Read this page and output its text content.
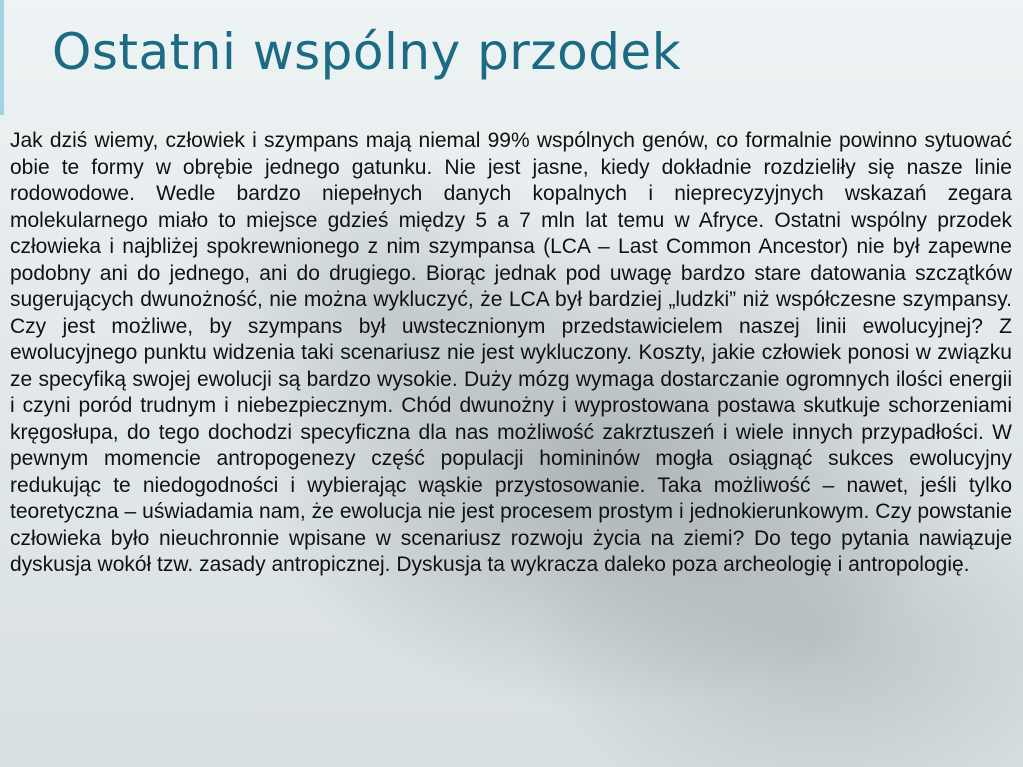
Ostatni wspólny przodek

Jak dziś wiemy, człowiek i szympans mają niemal 99% wspólnych genów, co formalnie powinno sytuować obie te formy w obrębie jednego gatunku. Nie jest jasne, kiedy dokładnie rozdzieliły się nasze linie rodowodowe. Wedle bardzo niepełnych danych kopalnych i nieprecyzyjnych wskazań zegara molekularnego miało to miejsce gdzieś między 5 a 7 mln lat temu w Afryce. Ostatni wspólny przodek człowieka i najbliżej spokrewnionego z nim szympansa (LCA – Last Common Ancestor) nie był zapewne podobny ani do jednego, ani do drugiego. Biorąc jednak pod uwagę bardzo stare datowania szczątków sugerujących dwunożność, nie można wykluczyć, że LCA był bardziej „ludzki” niż współczesne szympansy. Czy jest możliwe, by szympans był uwstecznionym przedstawicielem naszej linii ewolucyjnej? Z ewolucyjnego punktu widzenia taki scenariusz nie jest wykluczony. Koszty, jakie człowiek ponosi w związku ze specyfiką swojej ewolucji są bardzo wysokie. Duży mózg wymaga dostarczanie ogromnych ilości energii i czyni poród trudnym i niebezpiecznym. Chód dwunożny i wyprostowana postawa skutkuje schorzeniami kręgosłupa, do tego dochodzi specyficzna dla nas możliwość zakrztuszeń i wiele innych przypadłości. W pewnym momencie antropogenezy część populacji homininów mogła osiągnąć sukces ewolucyjny redukując te niedogodności i wybierając wąskie przystosowanie. Taka możliwość – nawet, jeśli tylko teoretyczna – uświadamia nam, że ewolucja nie jest procesem prostym i jednokierunkowym. Czy powstanie człowieka było nieuchronnie wpisane w scenariusz rozwoju życia na ziemi? Do tego pytania nawiązuje dyskusja wokół tzw. zasady antropicznej. Dyskusja ta wykracza daleko poza archeologię i antropologię.
